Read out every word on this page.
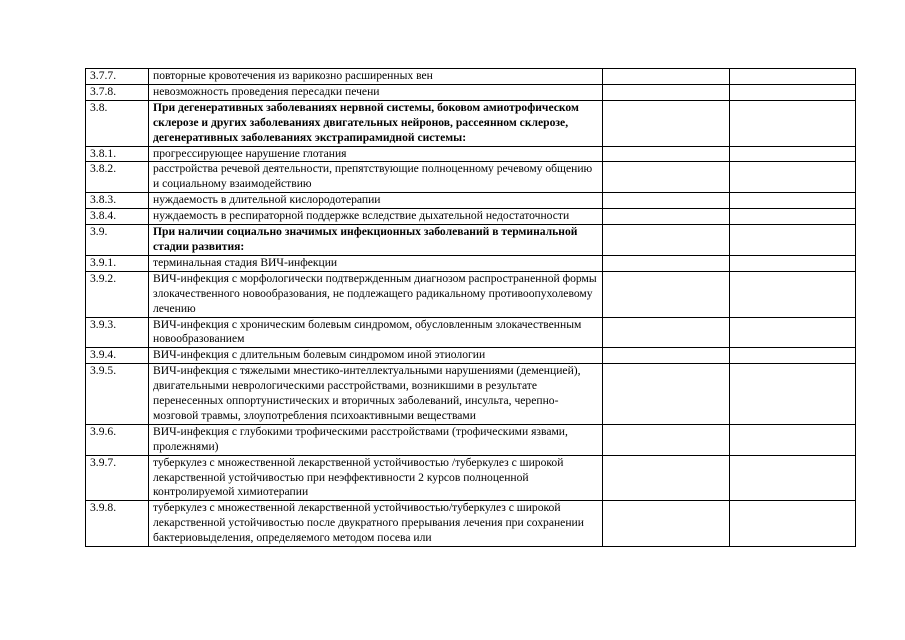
3.7.7.	повторные кровотечения из варикозно расширенных вен		
3.7.8.	невозможность проведения пересадки печени		
3.8.	При дегенеративных заболеваниях нервной системы, боковом амиотрофическом склерозе и других заболеваниях двигательных нейронов, рассеянном склерозе, дегенеративных заболеваниях экстрапирамидной системы:		
3.8.1.	прогрессирующее нарушение глотания		
3.8.2.	расстройства речевой деятельности, препятствующие полноценному речевому общению и социальному взаимодействию		
3.8.3.	нуждаемость в длительной кислородотерапии		
3.8.4.	нуждаемость в респираторной поддержке вследствие дыхательной недостаточности		
3.9.	При наличии социально значимых инфекционных заболеваний в терминальной стадии развития:		
3.9.1.	терминальная стадия ВИЧ-инфекции		
3.9.2.	ВИЧ-инфекция с морфологически подтвержденным диагнозом распространенной формы злокачественного новообразования, не подлежащего радикальному противоопухолевому лечению		
3.9.3.	ВИЧ-инфекция с хроническим болевым синдромом, обусловленным злокачественным новообразованием		
3.9.4.	ВИЧ-инфекция с длительным болевым синдромом иной этиологии		
3.9.5.	ВИЧ-инфекция с тяжелыми мнестико-интеллектуальными нарушениями (деменцией), двигательными неврологическими расстройствами, возникшими в результате перенесенных оппортунистических и вторичных заболеваний, инсульта, черепно-мозговой травмы, злоупотребления психоактивными веществами		
3.9.6.	ВИЧ-инфекция с глубокими трофическими расстройствами (трофическими язвами, пролежнями)		
3.9.7.	туберкулез с множественной лекарственной устойчивостью /туберкулез с широкой лекарственной устойчивостью при неэффективности 2 курсов полноценной контролируемой химиотерапии		
3.9.8.	туберкулез с множественной лекарственной устойчивостью/туберкулез с широкой лекарственной устойчивостью после двукратного прерывания лечения при сохранении бактериовыделения, определяемого методом посева или		
